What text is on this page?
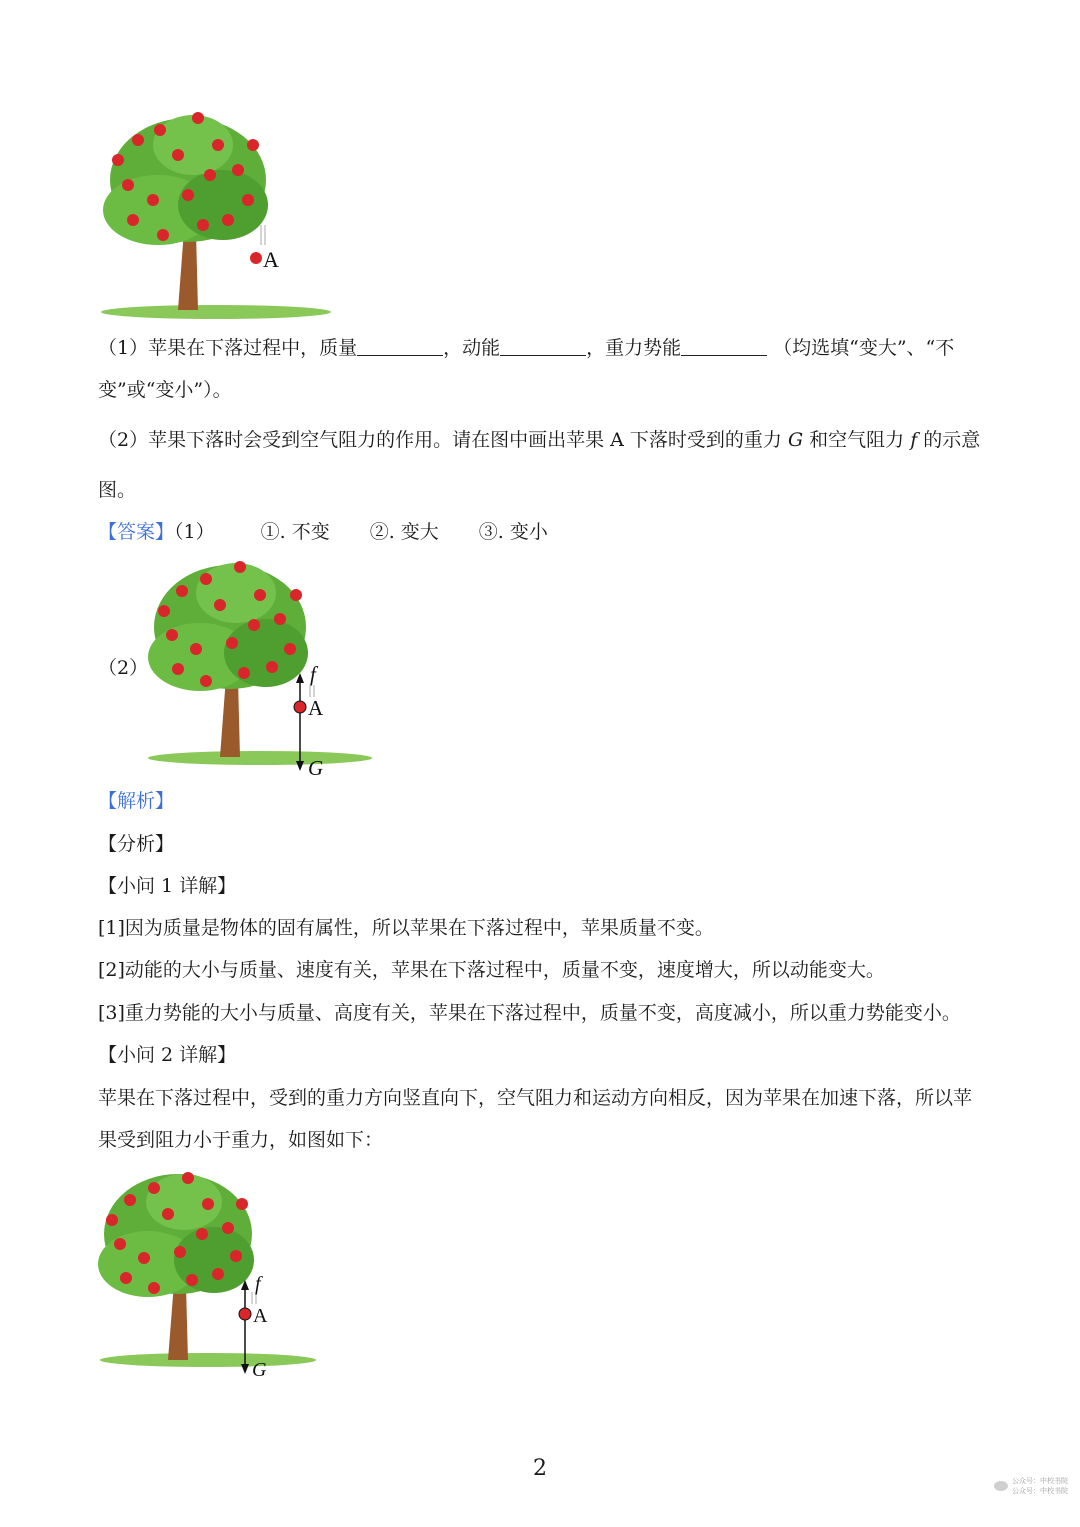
A
（1）苹果在下落过程中，质量	，动能	，重力势能	（均选填“变大”、“不
变”或“变小”）。
（2）苹果下落时会受到空气阻力的作用。请在图中画出苹果 A 下落时受到的重力 G 和空气阻力 f 的示意
图。
【答案】（1） ①. 不变 ②. 变大 ③. 变小
（2）
A
f
G
【解析】
【分析】
【小问 1 详解】
[1]因为质量是物体的固有属性，所以苹果在下落过程中，苹果质量不变。
[2]动能的大小与质量、速度有关，苹果在下落过程中，质量不变，速度增大，所以动能变大。
[3]重力势能的大小与质量、高度有关，苹果在下落过程中，质量不变，高度减小，所以重力势能变小。
【小问 2 详解】
苹果在下落过程中，受到的重力方向竖直向下，空气阻力和运动方向相反，因为苹果在加速下落，所以苹
果受到阻力小于重力，如图如下：
A
f
G
2	公众号：中校书院
公众号：中校书院
